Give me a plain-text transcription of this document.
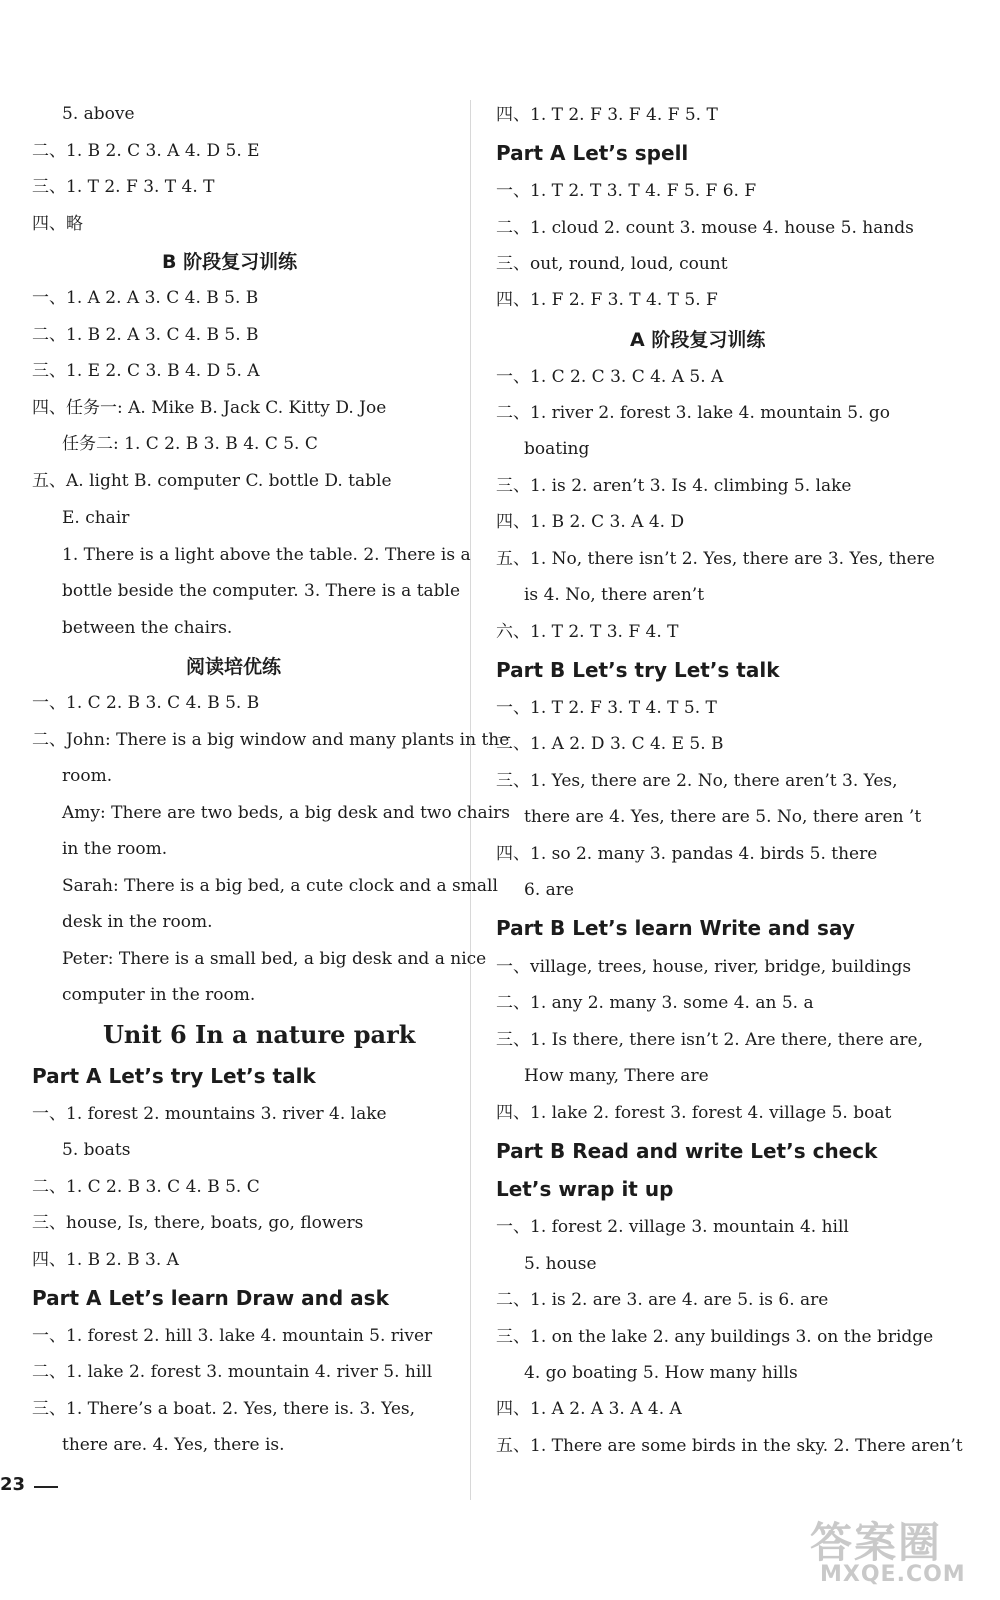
5. above
二、1. B 2. C 3. A 4. D 5. E
三、1. T 2. F 3. T 4. T
四、略
B 阶段复习训练
一、1. A 2. A 3. C 4. B 5. B
二、1. B 2. A 3. C 4. B 5. B
三、1. E 2. C 3. B 4. D 5. A
四、任务一: A. Mike B. Jack C. Kitty D. Joe
任务二: 1. C 2. B 3. B 4. C 5. C
五、A. light B. computer C. bottle D. table
E. chair
1. There is a light above the table. 2. There is a
bottle beside the computer. 3. There is a table
between the chairs.
阅读培优练
一、1. C 2. B 3. C 4. B 5. B
二、John: There is a big window and many plants in the
room.
Amy: There are two beds, a big desk and two chairs
in the room.
Sarah: There is a big bed, a cute clock and a small
desk in the room.
Peter: There is a small bed, a big desk and a nice
computer in the room.
Unit 6 In a nature park
Part A Let’s try Let’s talk
一、1. forest 2. mountains 3. river 4. lake
5. boats
二、1. C 2. B 3. C 4. B 5. C
三、house, Is, there, boats, go, flowers
四、1. B 2. B 3. A
Part A Let’s learn Draw and ask
一、1. forest 2. hill 3. lake 4. mountain 5. river
二、1. lake 2. forest 3. mountain 4. river 5. hill
三、1. There’s a boat. 2. Yes, there is. 3. Yes,
there are. 4. Yes, there is.
23
四、1. T 2. F 3. F 4. F 5. T
Part A Let’s spell
一、1. T 2. T 3. T 4. F 5. F 6. F
二、1. cloud 2. count 3. mouse 4. house 5. hands
三、out, round, loud, count
四、1. F 2. F 3. T 4. T 5. F
A 阶段复习训练
一、1. C 2. C 3. C 4. A 5. A
二、1. river 2. forest 3. lake 4. mountain 5. go
boating
三、1. is 2. aren’t 3. Is 4. climbing 5. lake
四、1. B 2. C 3. A 4. D
五、1. No, there isn’t 2. Yes, there are 3. Yes, there
is 4. No, there aren’t
六、1. T 2. T 3. F 4. T
Part B Let’s try Let’s talk
一、1. T 2. F 3. T 4. T 5. T
二、1. A 2. D 3. C 4. E 5. B
三、1. Yes, there are 2. No, there aren’t 3. Yes,
there are 4. Yes, there are 5. No, there aren ’t
四、1. so 2. many 3. pandas 4. birds 5. there
6. are
Part B Let’s learn Write and say
一、village, trees, house, river, bridge, buildings
二、1. any 2. many 3. some 4. an 5. a
三、1. Is there, there isn’t 2. Are there, there are,
How many, There are
四、1. lake 2. forest 3. forest 4. village 5. boat
Part B Read and write Let’s check
Let’s wrap it up
一、1. forest 2. village 3. mountain 4. hill
5. house
二、1. is 2. are 3. are 4. are 5. is 6. are
三、1. on the lake 2. any buildings 3. on the bridge
4. go boating 5. How many hills
四、1. A 2. A 3. A 4. A
五、1. There are some birds in the sky. 2. There aren’t
答案圈
MXQE.COM
